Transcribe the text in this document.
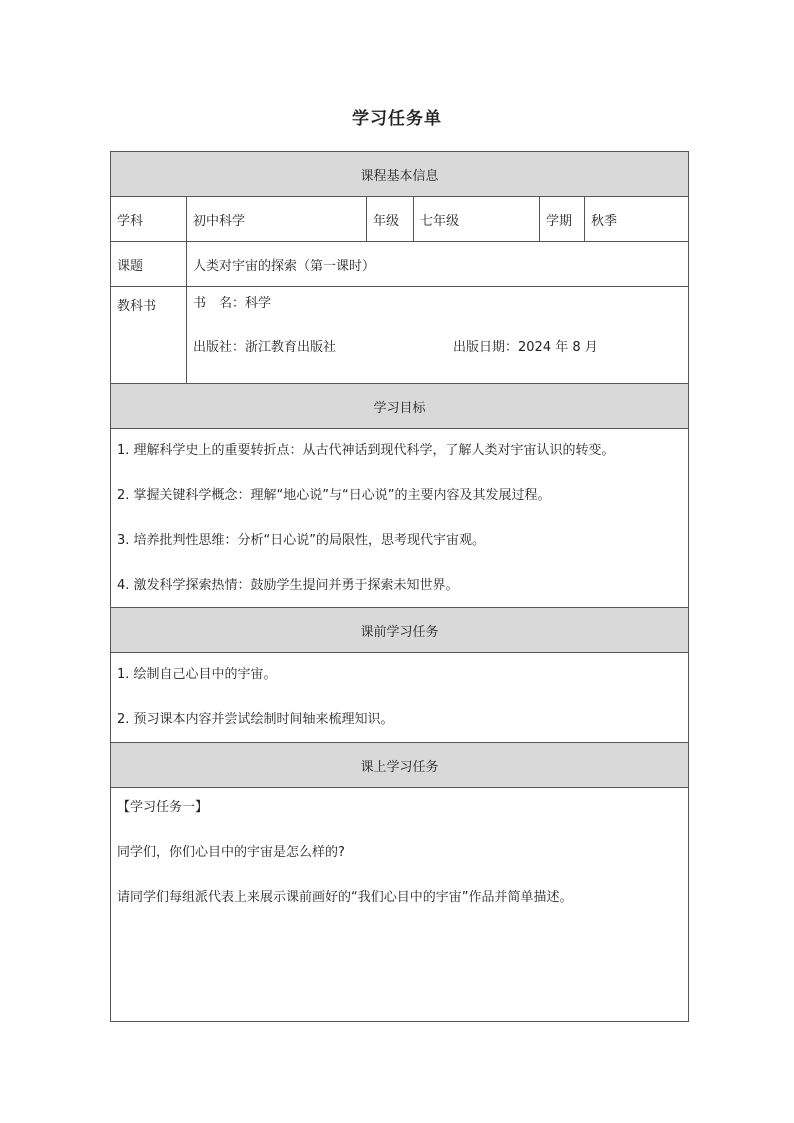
学习任务单
课程基本信息					
学科	初中科学	年级	七年级	学期	秋季
课题	人类对宇宙的探索（第一课时）				
教科书	书　名：科学
出版社：浙江教育出版社 出版日期：2024 年 8 月				

学习目标					

1. 理解科学史上的重要转折点：从古代神话到现代科学，了解人类对宇宙认识的转变。
2. 掌握关键科学概念：理解“地心说”与“日心说”的主要内容及其发展过程。
3. 培养批判性思维：分析“日心说”的局限性，思考现代宇宙观。
4. 激发科学探索热情：鼓励学生提问并勇于探索未知世界。					

课前学习任务					

1. 绘制自己心目中的宇宙。
2. 预习课本内容并尝试绘制时间轴来梳理知识。					

课上学习任务					

【学习任务一】
同学们，你们心目中的宇宙是怎么样的?
请同学们每组派代表上来展示课前画好的“我们心目中的宇宙”作品并简单描述。					
